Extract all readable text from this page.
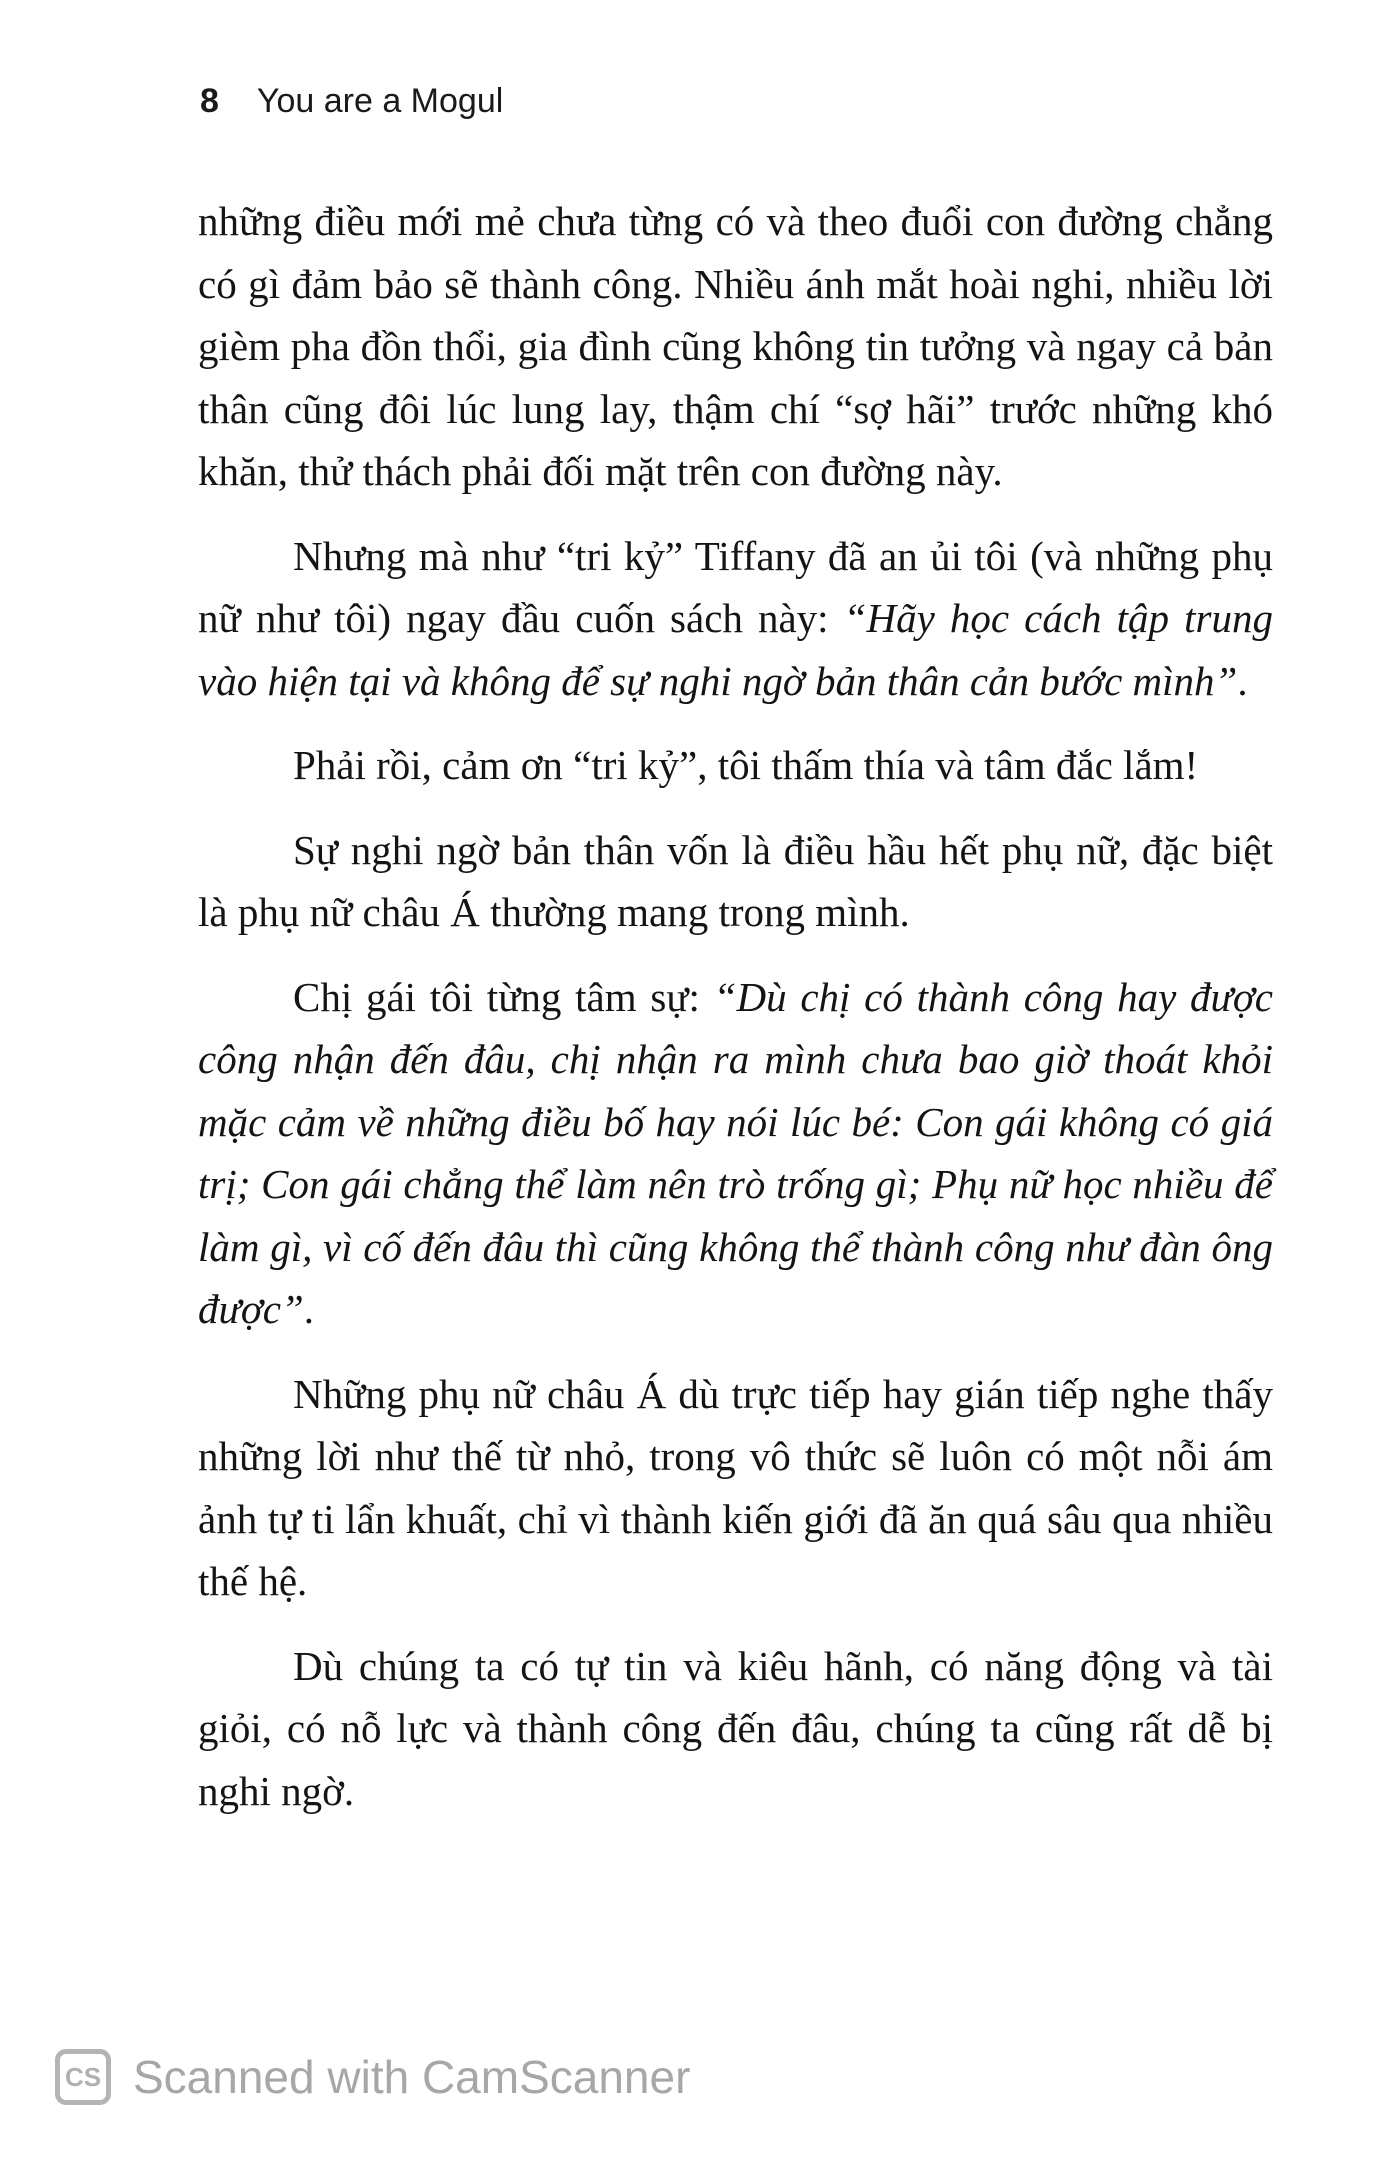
8 You are a Mogul

những điều mới mẻ chưa từng có và theo đuổi con đường chẳng có gì đảm bảo sẽ thành công. Nhiều ánh mắt hoài nghi, nhiều lời gièm pha đồn thổi, gia đình cũng không tin tưởng và ngay cả bản thân cũng đôi lúc lung lay, thậm chí “sợ hãi” trước những khó khăn, thử thách phải đối mặt trên con đường này.

Nhưng mà như “tri kỷ” Tiffany đã an ủi tôi (và những phụ nữ như tôi) ngay đầu cuốn sách này: “Hãy học cách tập trung vào hiện tại và không để sự nghi ngờ bản thân cản bước mình”.

Phải rồi, cảm ơn “tri kỷ”, tôi thấm thía và tâm đắc lắm!

Sự nghi ngờ bản thân vốn là điều hầu hết phụ nữ, đặc biệt là phụ nữ châu Á thường mang trong mình.

Chị gái tôi từng tâm sự: “Dù chị có thành công hay được công nhận đến đâu, chị nhận ra mình chưa bao giờ thoát khỏi mặc cảm về những điều bố hay nói lúc bé: Con gái không có giá trị; Con gái chẳng thể làm nên trò trống gì; Phụ nữ học nhiều để làm gì, vì cố đến đâu thì cũng không thể thành công như đàn ông được”.

Những phụ nữ châu Á dù trực tiếp hay gián tiếp nghe thấy những lời như thế từ nhỏ, trong vô thức sẽ luôn có một nỗi ám ảnh tự ti lẩn khuất, chỉ vì thành kiến giới đã ăn quá sâu qua nhiều thế hệ.

Dù chúng ta có tự tin và kiêu hãnh, có năng động và tài giỏi, có nỗ lực và thành công đến đâu, chúng ta cũng rất dễ bị nghi ngờ.

CS Scanned with CamScanner
